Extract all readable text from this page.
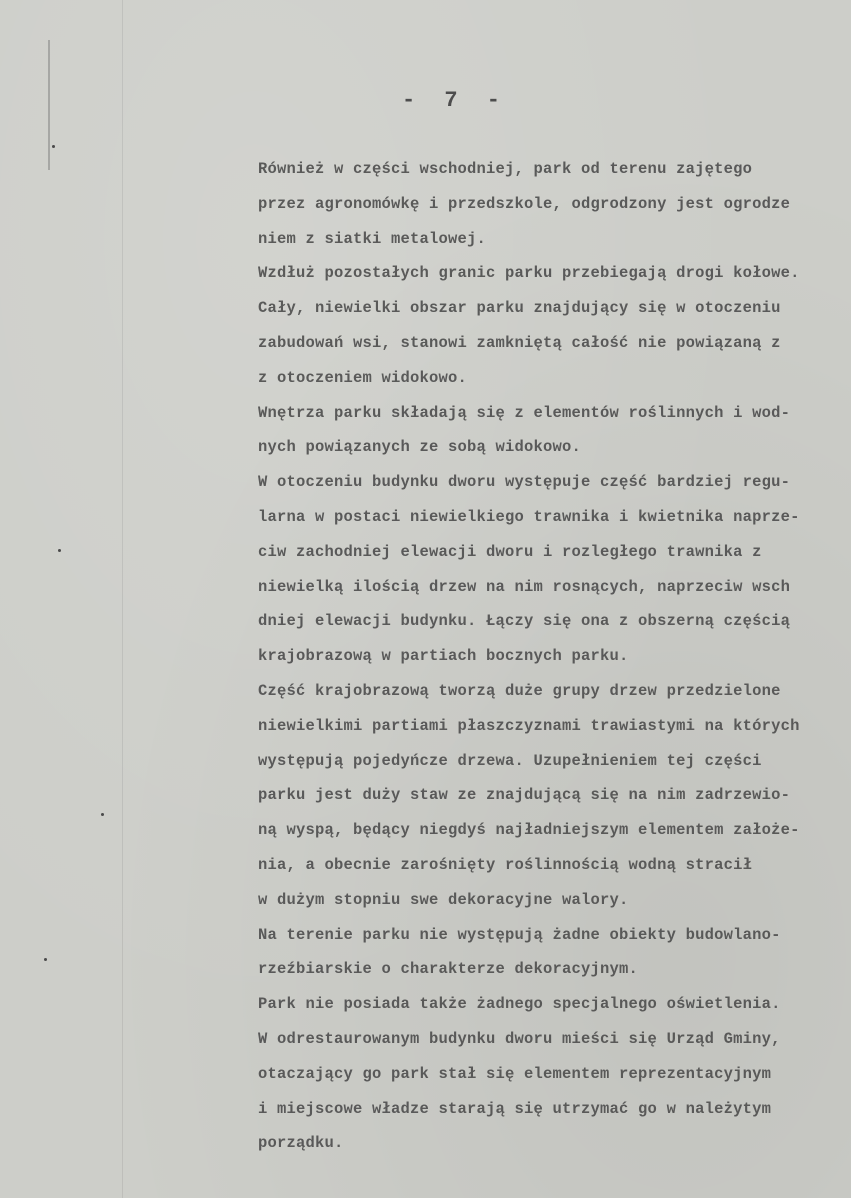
- 7 -
Również w części wschodniej, park od terenu zajętego
przez agronomówkę i przedszkole, odgrodzony jest ogrodze
niem z siatki metalowej.
Wzdłuż pozostałych granic parku przebiegają drogi kołowe.
Cały, niewielki obszar parku znajdujący się w otoczeniu
zabudowań wsi, stanowi zamkniętą całość nie powiązaną z
z otoczeniem widokowo.
Wnętrza parku składają się z elementów roślinnych i wod-
nych powiązanych ze sobą widokowo.
W otoczeniu budynku dworu występuje część bardziej regu-
larna w postaci niewielkiego trawnika i kwietnika naprze-
ciw zachodniej elewacji dworu i rozległego trawnika z
niewielką ilością drzew na nim rosnących, naprzeciw wsch
dniej elewacji budynku. Łączy się ona z obszerną częścią
krajobrazową w partiach bocznych parku.
Część krajobrazową tworzą duże grupy drzew przedzielone
niewielkimi partiami płaszczyznami trawiastymi na których
występują pojedyńcze drzewa. Uzupełnieniem tej części
parku jest duży staw ze znajdującą się na nim zadrzewio-
ną wyspą, będący niegdyś najładniejszym elementem założe-
nia, a obecnie zarośnięty roślinnością wodną stracił
w dużym stopniu swe dekoracyjne walory.
Na terenie parku nie występują żadne obiekty budowlano-
rzeźbiarskie o charakterze dekoracyjnym.
Park nie posiada także żadnego specjalnego oświetlenia.
W odrestaurowanym budynku dworu mieści się Urząd Gminy,
otaczający go park stał się elementem reprezentacyjnym
i miejscowe władze starają się utrzymać go w należytym
porządku.
